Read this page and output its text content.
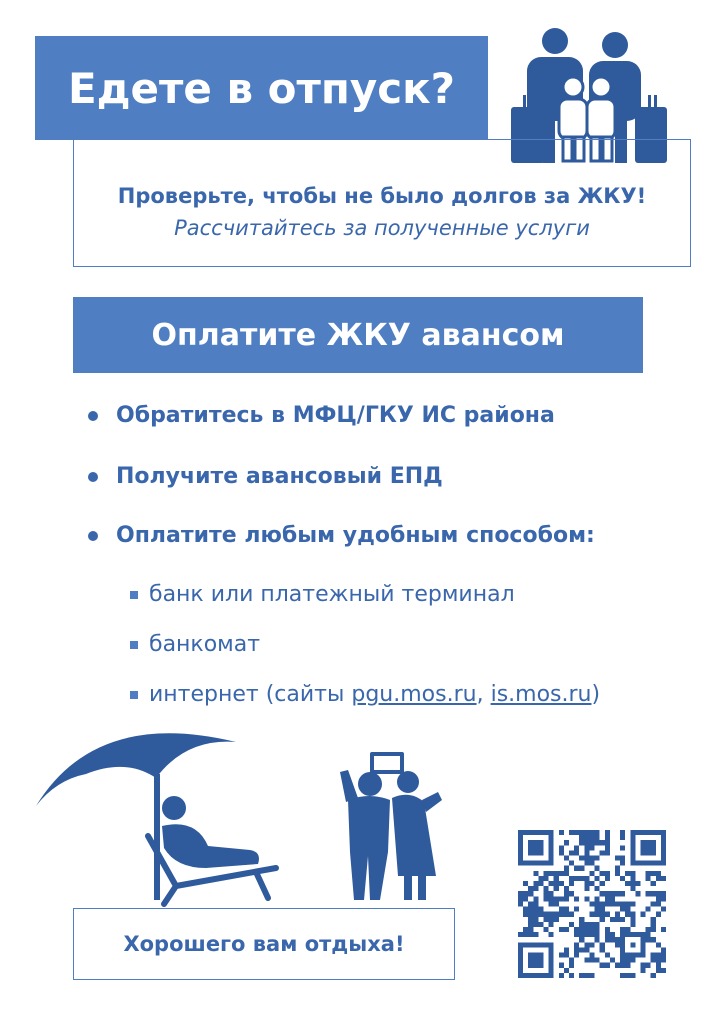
Едете в отпуск?
Проверьте, чтобы не было долгов за ЖКУ!
Рассчитайтесь за полученные услуги
Оплатите ЖКУ авансом
Обратитесь в МФЦ/ГКУ ИС района
Получите авансовый ЕПД
Оплатите любым удобным способом:
банк или платежный терминал
банкомат
интернет (сайты pgu.mos.ru , is.mos.ru )
Хорошего вам отдыха!
